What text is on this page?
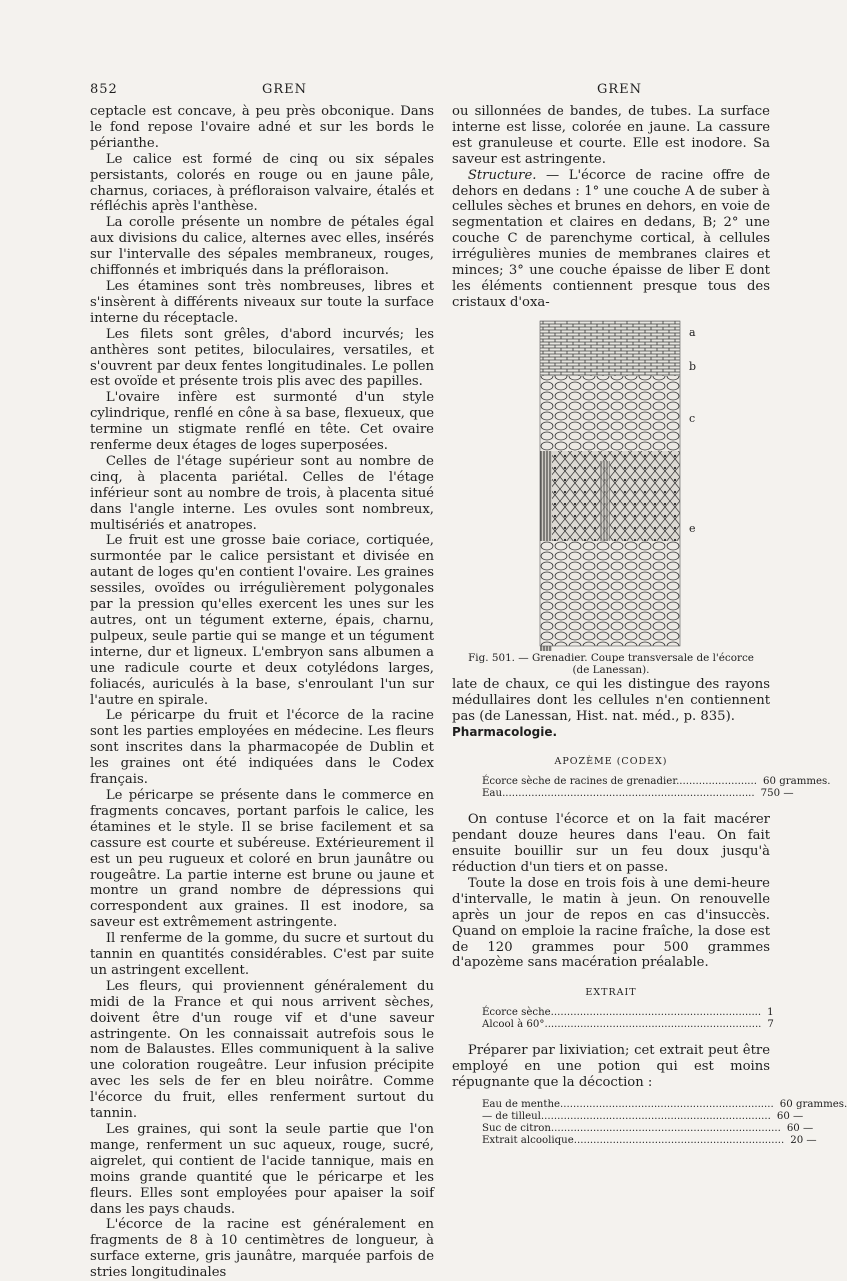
852	GREN	GREN

ceptacle est concave, à peu près obconique. Dans le fond repose l'ovaire adné et sur les bords le périanthe.

Le calice est formé de cinq ou six sépales persistants, colorés en rouge ou en jaune pâle, charnus, coriaces, à préfloraison valvaire, étalés et réfléchis après l'anthèse.

La corolle présente un nombre de pétales égal aux divisions du calice, alternes avec elles, insérés sur l'intervalle des sépales membraneux, rouges, chiffonnés et imbriqués dans la préfloraison.

Les étamines sont très nombreuses, libres et s'insèrent à différents niveaux sur toute la surface interne du réceptacle.

Les filets sont grêles, d'abord incurvés; les anthères sont petites, biloculaires, versatiles, et s'ouvrent par deux fentes longitudinales. Le pollen est ovoïde et présente trois plis avec des papilles.

L'ovaire infère est surmonté d'un style cylindrique, renflé en cône à sa base, flexueux, que termine un stigmate renflé en tête. Cet ovaire renferme deux étages de loges superposées.

Celles de l'étage supérieur sont au nombre de cinq, à placenta pariétal. Celles de l'étage inférieur sont au nombre de trois, à placenta situé dans l'angle interne. Les ovules sont nombreux, multisériés et anatropes.

Le fruit est une grosse baie coriace, cortiquée, surmontée par le calice persistant et divisée en autant de loges qu'en contient l'ovaire. Les graines sessiles, ovoïdes ou irrégulièrement polygonales par la pression qu'elles exercent les unes sur les autres, ont un tégument externe, épais, charnu, pulpeux, seule partie qui se mange et un tégument interne, dur et ligneux. L'embryon sans albumen a une radicule courte et deux cotylédons larges, foliacés, auriculés à la base, s'enroulant l'un sur l'autre en spirale.

Le péricarpe du fruit et l'écorce de la racine sont les parties employées en médecine. Les fleurs sont inscrites dans la pharmacopée de Dublin et les graines ont été indiquées dans le Codex français.

Le péricarpe se présente dans le commerce en fragments concaves, portant parfois le calice, les étamines et le style. Il se brise facilement et sa cassure est courte et subéreuse. Extérieurement il est un peu rugueux et coloré en brun jaunâtre ou rougeâtre. La partie interne est brune ou jaune et montre un grand nombre de dépressions qui correspondent aux graines. Il est inodore, sa saveur est extrêmement astringente.

Il renferme de la gomme, du sucre et surtout du tannin en quantités considérables. C'est par suite un astringent excellent.

Les fleurs, qui proviennent généralement du midi de la France et qui nous arrivent sèches, doivent être d'un rouge vif et d'une saveur astringente. On les connaissait autrefois sous le nom de Balaustes. Elles communiquent à la salive une coloration rougeâtre. Leur infusion précipite avec les sels de fer en bleu noirâtre. Comme l'écorce du fruit, elles renferment surtout du tannin.

Les graines, qui sont la seule partie que l'on mange, renferment un suc aqueux, rouge, sucré, aigrelet, qui contient de l'acide tannique, mais en moins grande quantité que le péricarpe et les fleurs. Elles sont employées pour apaiser la soif dans les pays chauds.

L'écorce de la racine est généralement en fragments de 8 à 10 centimètres de longueur, à surface externe, gris jaunâtre, marquée parfois de stries longitudinales

ou sillonnées de bandes, de tubes. La surface interne est lisse, colorée en jaune. La cassure est granuleuse et courte. Elle est inodore. Sa saveur est astringente.

Structure. — L'écorce de racine offre de dehors en dedans : 1° une couche A de suber à cellules sèches et brunes en dehors, en voie de segmentation et claires en dedans, B; 2° une couche C de parenchyme cortical, à cellules irrégulières munies de membranes claires et minces; 3° une couche épaisse de liber E dont les éléments contiennent presque tous des cristaux d'oxa-

a
b
c
e
Fig. 501. — Grenadier. Coupe transversale de l'écorce
(de Lanessan).

late de chaux, ce qui les distingue des rayons médullaires dont les cellules n'en contiennent pas (de Lanessan, Hist. nat. méd., p. 835).

Pharmacologie.

APOZÈME (CODEX)
Écorce sèche de racines de grenadier......................... 60 grammes.
Eau.............................................................................. 750 —

On contuse l'écorce et on la fait macérer pendant douze heures dans l'eau. On fait ensuite bouillir sur un feu doux jusqu'à réduction d'un tiers et on passe.

Toute la dose en trois fois à une demi-heure d'intervalle, le matin à jeun. On renouvelle après un jour de repos en cas d'insuccès. Quand on emploie la racine fraîche, la dose est de 120 grammes pour 500 grammes d'apozème sans macération préalable.

EXTRAIT
Écorce sèche................................................................. 1
Alcool à 60°................................................................... 7

Préparer par lixiviation; cet extrait peut être employé en une potion qui est moins répugnante que la décoction :

Eau de menthe.................................................................. 60 grammes.
— de tilleul....................................................................... 60 —
Suc de citron....................................................................... 60 —
Extrait alcoolique................................................................. 20 —
